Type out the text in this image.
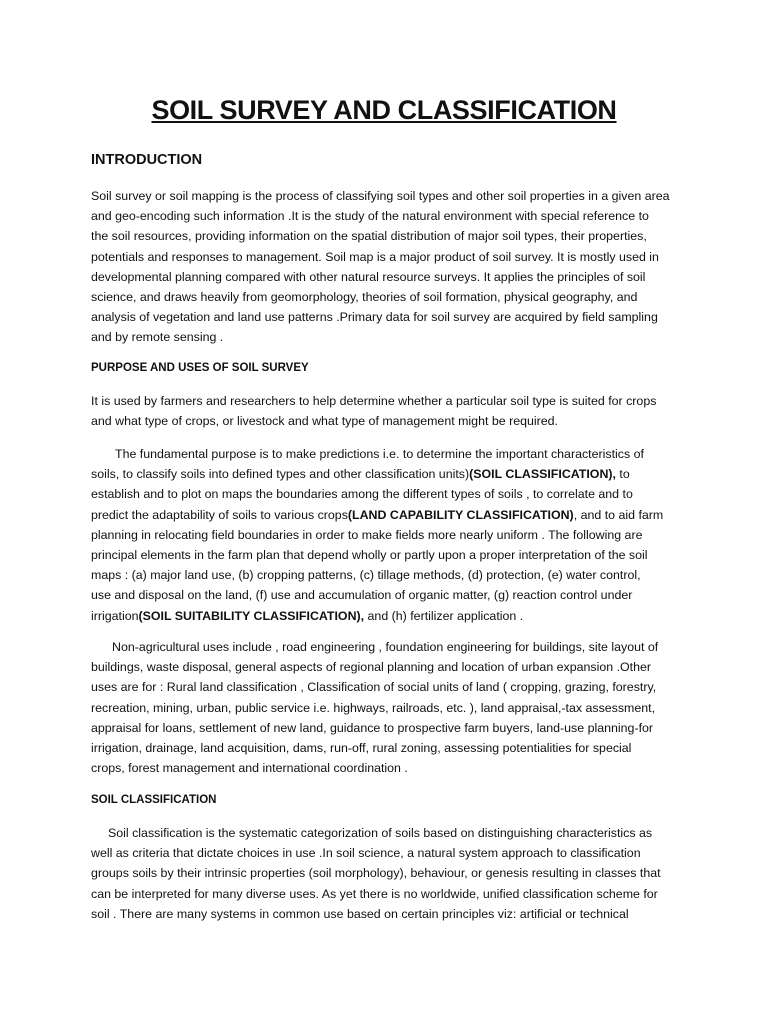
SOIL SURVEY AND CLASSIFICATION
INTRODUCTION
Soil survey or soil mapping is the process of classifying soil types and other soil properties in a given area
and geo-encoding such information .It is the study of the natural environment with special reference to
the soil resources, providing information on the spatial distribution of major soil types, their properties,
potentials and responses to management. Soil map is a major product of soil survey. It is mostly used in
developmental planning compared with other natural resource surveys. It applies the principles of soil
science, and draws heavily from geomorphology, theories of soil formation, physical geography, and
analysis of vegetation and land use patterns .Primary data for soil survey are acquired by field sampling
and by remote sensing .
PURPOSE AND USES OF SOIL SURVEY
It is used by farmers and researchers to help determine whether a particular soil type is suited for crops
and what type of crops, or livestock and what type of management might be required.
The fundamental purpose is to make predictions i.e. to determine the important characteristics of
soils, to classify soils into defined types and other classification units)(SOIL CLASSIFICATION), to
establish and to plot on maps the boundaries among the different types of soils , to correlate and to
predict the adaptability of soils to various crops(LAND CAPABILITY CLASSIFICATION), and to aid farm
planning in relocating field boundaries in order to make fields more nearly uniform . The following are
principal elements in the farm plan that depend wholly or partly upon a proper interpretation of the soil
maps : (a) major land use, (b) cropping patterns, (c) tillage methods, (d) protection, (e) water control,
use and disposal on the land, (f) use and accumulation of organic matter, (g) reaction control under
irrigation(SOIL SUITABILITY CLASSIFICATION), and (h) fertilizer application .
Non-agricultural uses include , road engineering , foundation engineering for buildings, site layout of
buildings, waste disposal, general aspects of regional planning and location of urban expansion .Other
uses are for : Rural land classification , Classification of social units of land ( cropping, grazing, forestry,
recreation, mining, urban, public service i.e. highways, railroads, etc. ), land appraisal,-tax assessment,
appraisal for loans, settlement of new land, guidance to prospective farm buyers, land-use planning-for
irrigation, drainage, land acquisition, dams, run-off, rural zoning, assessing potentialities for special
crops, forest management and international coordination .
SOIL CLASSIFICATION
Soil classification is the systematic categorization of soils based on distinguishing characteristics as
well as criteria that dictate choices in use .In soil science, a natural system approach to classification
groups soils by their intrinsic properties (soil morphology), behaviour, or genesis resulting in classes that
can be interpreted for many diverse uses. As yet there is no worldwide, unified classification scheme for
soil . There are many systems in common use based on certain principles viz: artificial or technical
